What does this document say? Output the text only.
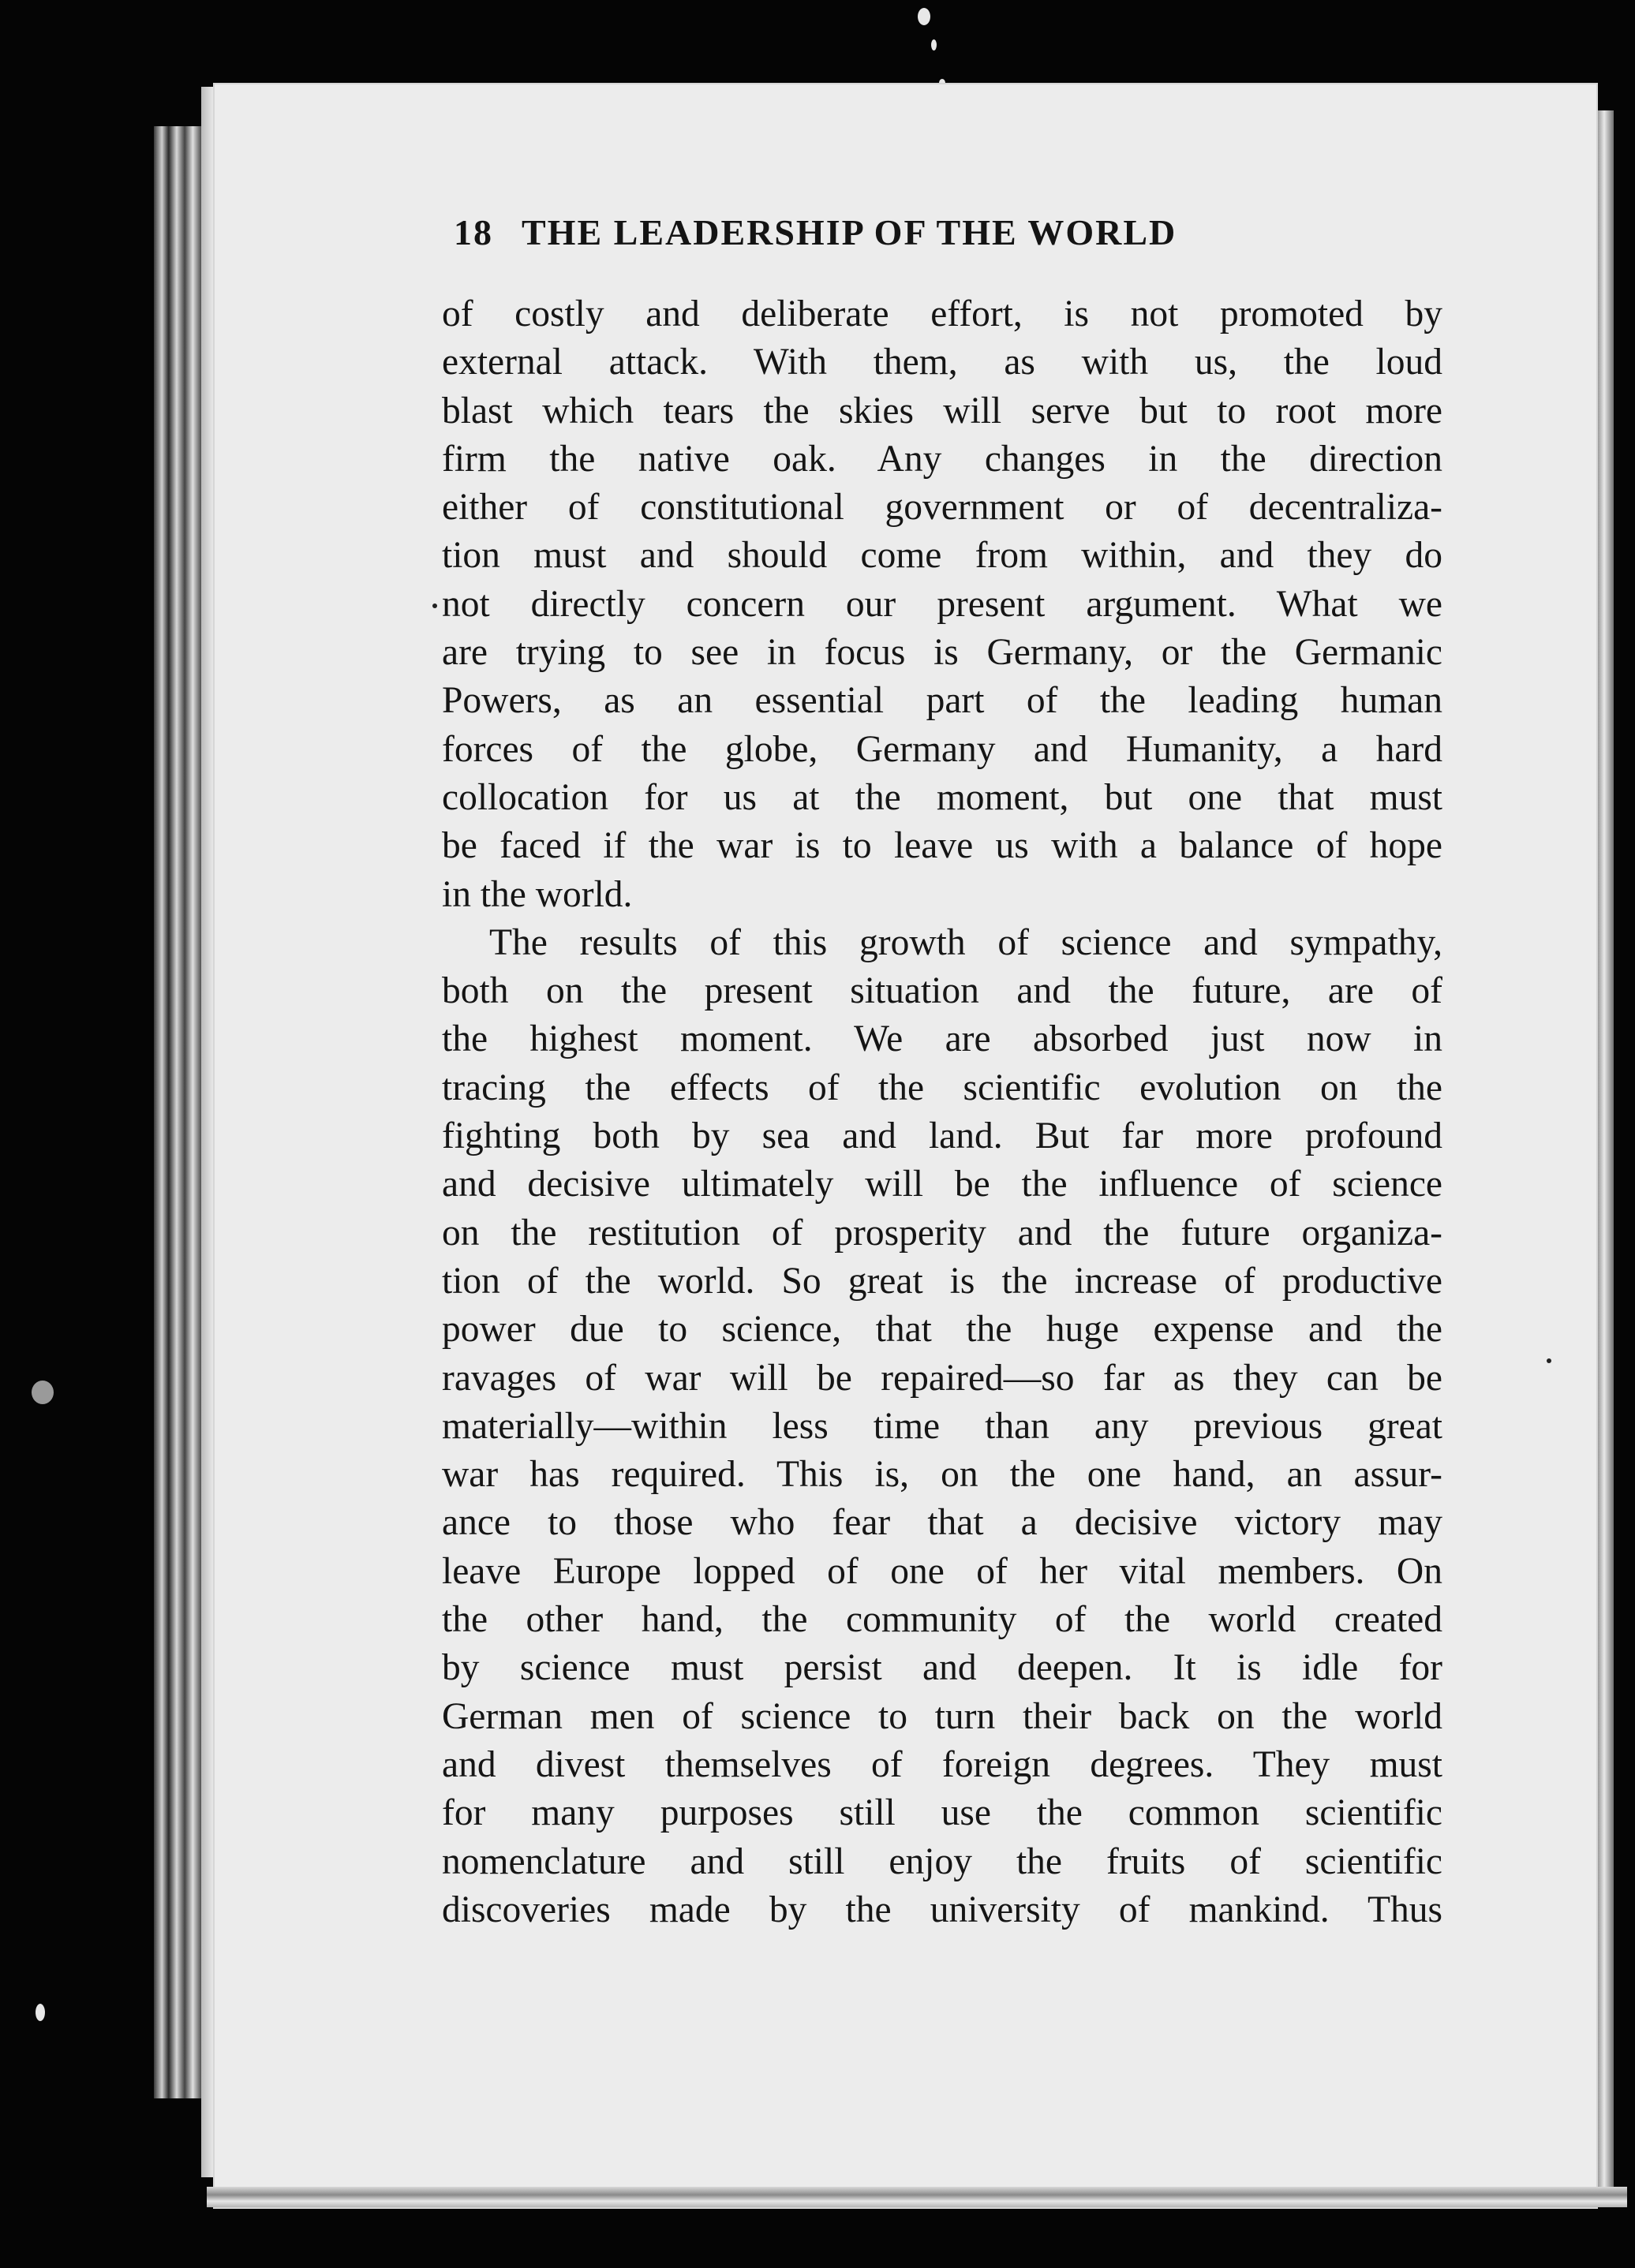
18 THE LEADERSHIP OF THE WORLD
of costly and deliberate effort, is not promoted by
external attack. With them, as with us, the loud
blast which tears the skies will serve but to root more
firm the native oak. Any changes in the direction
either of constitutional government or of decentraliza-
tion must and should come from within, and they do
not directly concern our present argument. What we
are trying to see in focus is Germany, or the Germanic
Powers, as an essential part of the leading human
forces of the globe, Germany and Humanity, a hard
collocation for us at the moment, but one that must
be faced if the war is to leave us with a balance of hope
in the world.
The results of this growth of science and sympathy,
both on the present situation and the future, are of
the highest moment. We are absorbed just now in
tracing the effects of the scientific evolution on the
fighting both by sea and land. But far more profound
and decisive ultimately will be the influence of science
on the restitution of prosperity and the future organiza-
tion of the world. So great is the increase of productive
power due to science, that the huge expense and the
ravages of war will be repaired—so far as they can be
materially—within less time than any previous great
war has required. This is, on the one hand, an assur-
ance to those who fear that a decisive victory may
leave Europe lopped of one of her vital members. On
the other hand, the community of the world created
by science must persist and deepen. It is idle for
German men of science to turn their back on the world
and divest themselves of foreign degrees. They must
for many purposes still use the common scientific
nomenclature and still enjoy the fruits of scientific
discoveries made by the university of mankind. Thus
